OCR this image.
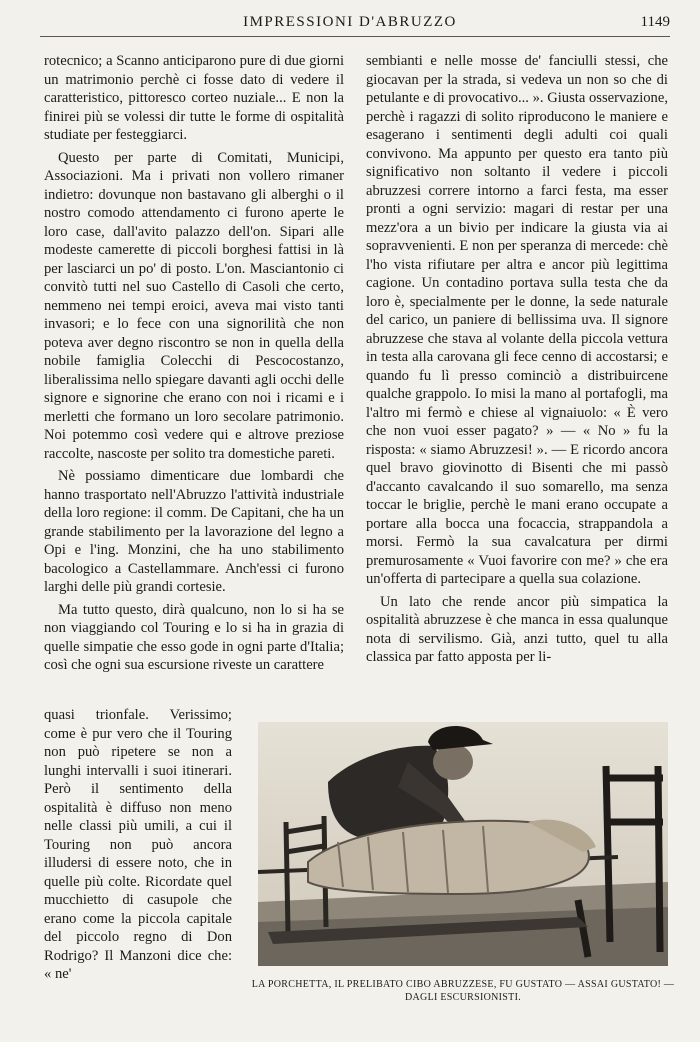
IMPRESSIONI D'ABRUZZO	1149

rotecnico; a Scanno anticiparono pure di due giorni un matrimonio perchè ci fosse dato di vedere il caratteristico, pittoresco corteo nuziale... E non la finirei più se volessi dir tutte le forme di ospitalità studiate per festeggiarci.

Questo per parte di Comitati, Municipi, Associazioni. Ma i privati non vollero rimaner indietro: dovunque non bastavano gli alberghi o il nostro comodo attendamento ci furono aperte le loro case, dall'avito palazzo dell'on. Sipari alle modeste camerette di piccoli borghesi fattisi in là per lasciarci un po' di posto. L'on. Masciantonio ci convitò tutti nel suo Castello di Casoli che certo, nemmeno nei tempi eroici, aveva mai visto tanti invasori; e lo fece con una signorilità che non poteva aver degno riscontro se non in quella della nobile famiglia Colecchi di Pescocostanzo, liberalissima nello spiegare davanti agli occhi delle signore e signorine che erano con noi i ricami e i merletti che formano un loro secolare patrimonio. Noi potemmo così vedere qui e altrove preziose raccolte, nascoste per solito tra domestiche pareti.

Nè possiamo dimenticare due lombardi che hanno trasportato nell'Abruzzo l'attività industriale della loro regione: il comm. De Capitani, che ha un grande stabilimento per la lavorazione del legno a Opi e l'ing. Monzini, che ha uno stabilimento bacologico a Castellammare. Anch'essi ci furono larghi delle più grandi cortesie.

Ma tutto questo, dirà qualcuno, non lo si ha se non viaggiando col Touring e lo si ha in grazia di quelle simpatie che esso gode in ogni parte d'Italia; così che ogni sua escursione riveste un carattere

quasi trionfale. Verissimo; come è pur vero che il Touring non può ripetere se non a lunghi intervalli i suoi itinerari. Però il sentimento della ospitalità è diffuso non meno nelle classi più umili, a cui il Touring non può ancora illudersi di essere noto, che in quelle più colte. Ricordate quel mucchietto di casupole che erano come la piccola capitale del piccolo regno di Don Rodrigo? Il Manzoni dice che: « ne'

sembianti e nelle mosse de' fanciulli stessi, che giocavan per la strada, si vedeva un non so che di petulante e di provocativo... ». Giusta osservazione, perchè i ragazzi di solito riproducono le maniere e esagerano i sentimenti degli adulti coi quali convivono. Ma appunto per questo era tanto più significativo non soltanto il vedere i piccoli abruzzesi correre intorno a farci festa, ma esser pronti a ogni servizio: magari di restar per una mezz'ora a un bivio per indicare la giusta via ai sopravvenienti. E non per speranza di mercede: chè l'ho vista rifiutare per altra e ancor più legittima cagione. Un contadino portava sulla testa che da loro è, specialmente per le donne, la sede naturale del carico, un paniere di bellissima uva. Il signore abruzzese che stava al volante della piccola vettura in testa alla carovana gli fece cenno di accostarsi; e quando fu lì presso cominciò a distribuircene qualche grappolo. Io misi la mano al portafogli, ma l'altro mi fermò e chiese al vignaiuolo: « È vero che non vuoi esser pagato? » — « No » fu la risposta: « siamo Abruzzesi! ». — E ricordo ancora quel bravo giovinotto di Bisenti che mi passò d'accanto cavalcando il suo somarello, ma senza toccar le briglie, perchè le mani erano occupate a portare alla bocca una focaccia, strappandola a morsi. Fermò la sua cavalcatura per dirmi premurosamente « Vuoi favorire con me? » che era un'offerta di partecipare a quella sua colazione.

Un lato che rende ancor più simpatica la ospitalità abruzzese è che manca in essa qualunque nota di servilismo. Già, anzi tutto, quel tu alla classica par fatto apposta per li-

LA PORCHETTA, IL PRELIBATO CIBO ABRUZZESE, FU GUSTATO — ASSAI GUSTATO! — DAGLI ESCURSIONISTI.
